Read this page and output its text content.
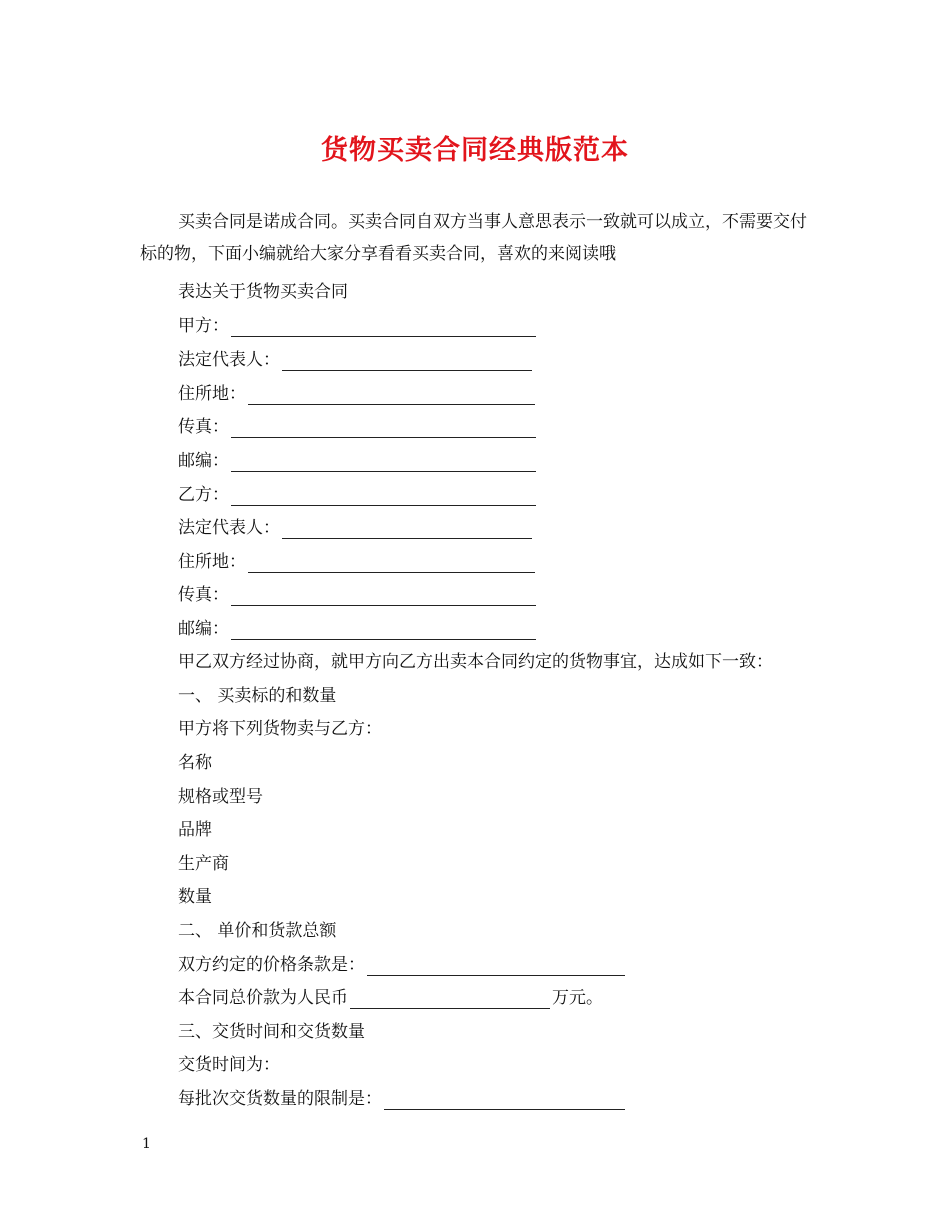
货物买卖合同经典版范本
买卖合同是诺成合同。买卖合同自双方当事人意思表示一致就可以成立，不需要交付标的物，下面小编就给大家分享看看买卖合同，喜欢的来阅读哦
表达关于货物买卖合同
甲方：
法定代表人：
住所地：
传真：
邮编：
乙方：
法定代表人：
住所地：
传真：
邮编：
甲乙双方经过协商，就甲方向乙方出卖本合同约定的货物事宜，达成如下一致：
一、 买卖标的和数量
甲方将下列货物卖与乙方：
名称
规格或型号
品牌
生产商
数量
二、 单价和货款总额
双方约定的价格条款是：
本合同总价款为人民币	万元。
三、交货时间和交货数量
交货时间为：
每批次交货数量的限制是：
1
